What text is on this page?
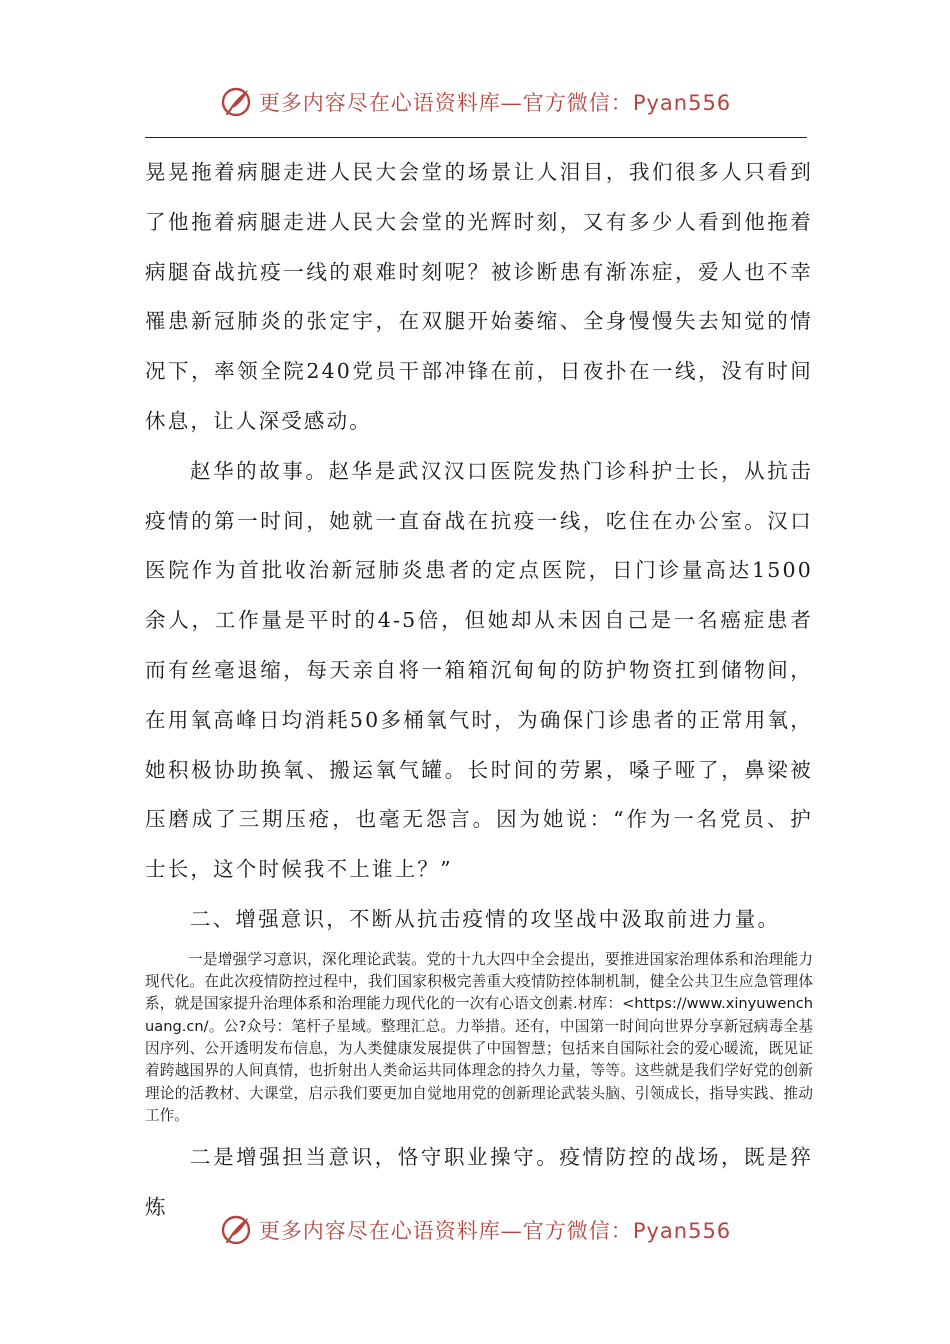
更多内容尽在心语资料库—官方微信：Pyan556

晃晃拖着病腿走进人民大会堂的场景让人泪目，我们很多人只看到了他拖着病腿走进人民大会堂的光辉时刻，又有多少人看到他拖着病腿奋战抗疫一线的艰难时刻呢？被诊断患有渐冻症，爱人也不幸罹患新冠肺炎的张定宇，在双腿开始萎缩、全身慢慢失去知觉的情况下，率领全院240党员干部冲锋在前，日夜扑在一线，没有时间休息，让人深受感动。

赵华的故事。赵华是武汉汉口医院发热门诊科护士长，从抗击疫情的第一时间，她就一直奋战在抗疫一线，吃住在办公室。汉口医院作为首批收治新冠肺炎患者的定点医院，日门诊量高达1500余人，工作量是平时的4-5倍，但她却从未因自己是一名癌症患者而有丝毫退缩，每天亲自将一箱箱沉甸甸的防护物资扛到储物间，在用氧高峰日均消耗50多桶氧气时，为确保门诊患者的正常用氧，她积极协助换氧、搬运氧气罐。长时间的劳累，嗓子哑了，鼻梁被压磨成了三期压疮，也毫无怨言。因为她说：“作为一名党员、护士长，这个时候我不上谁上？”

二、增强意识，不断从抗击疫情的攻坚战中汲取前进力量。

一是增强学习意识，深化理论武装。党的十九大四中全会提出，要推进国家治理体系和治理能力现代化。在此次疫情防控过程中，我们国家积极完善重大疫情防控体制机制，健全公共卫生应急管理体系，就是国家提升治理体系和治理能力现代化的一次有心语文创素.材库：<https://www.xinyuwenchuang.cn/。公?众号：笔杆子星域。整理汇总。力举措。还有，中国第一时间向世界分享新冠病毒全基因序列、公开透明发布信息，为人类健康发展提供了中国智慧；包括来自国际社会的爱心暖流，既见证着跨越国界的人间真情，也折射出人类命运共同体理念的持久力量，等等。这些就是我们学好党的创新理论的活教材、大课堂，启示我们要更加自觉地用党的创新理论武装头脑、引领成长，指导实践、推动工作。

二是增强担当意识，恪守职业操守。疫情防控的战场，既是猝炼

更多内容尽在心语资料库—官方微信：Pyan556
